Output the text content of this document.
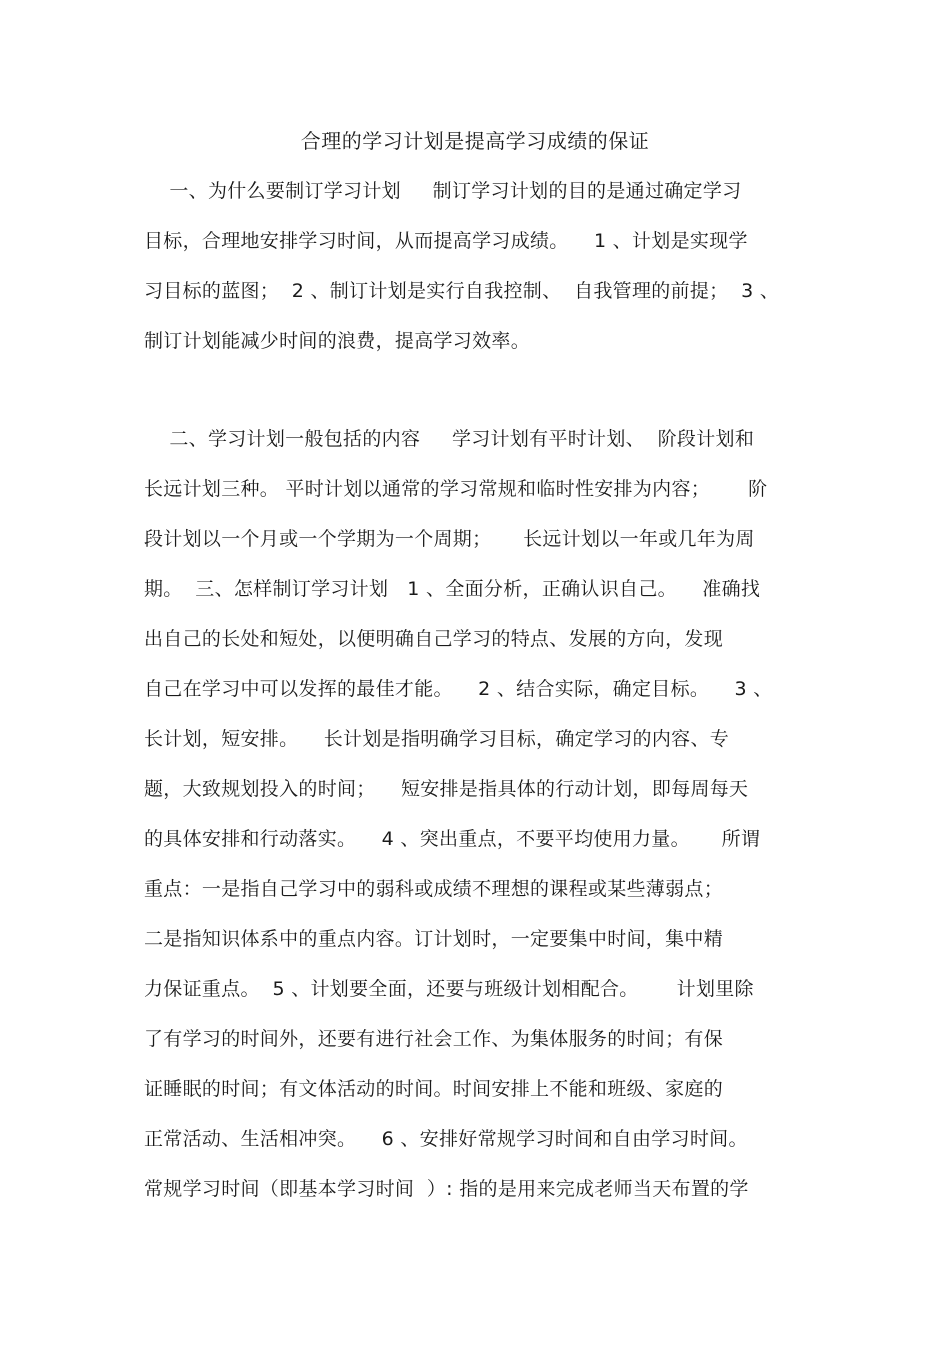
合理的学习计划是提高学习成绩的保证
一、为什么要制订学习计划     制订学习计划的目的是通过确定学习
目标，合理地安排学习时间，从而提高学习成绩。    1 、计划是实现学
习目标的蓝图；  2 、制订计划是实行自我控制、  自我管理的前提；  3 、
制订计划能减少时间的浪费，提高学习效率。
二、学习计划一般包括的内容     学习计划有平时计划、  阶段计划和
长远计划三种。 平时计划以通常的学习常规和临时性安排为内容；      阶
段计划以一个月或一个学期为一个周期；     长远计划以一年或几年为周
期。  三、怎样制订学习计划   1 、全面分析，正确认识自己。    准确找
出自己的长处和短处，以便明确自己学习的特点、发展的方向，发现
自己在学习中可以发挥的最佳才能。    2 、结合实际，确定目标。    3 、
长计划，短安排。    长计划是指明确学习目标，确定学习的内容、专
题，大致规划投入的时间；    短安排是指具体的行动计划，即每周每天
的具体安排和行动落实。    4 、突出重点，不要平均使用力量。     所谓
重点：一是指自己学习中的弱科或成绩不理想的课程或某些薄弱点；
二是指知识体系中的重点内容。订计划时，一定要集中时间，集中精
力保证重点。  5 、计划要全面，还要与班级计划相配合。      计划里除
了有学习的时间外，还要有进行社会工作、为集体服务的时间；有保
证睡眠的时间；有文体活动的时间。时间安排上不能和班级、家庭的
正常活动、生活相冲突。    6 、安排好常规学习时间和自由学习时间。
常规学习时间（即基本学习时间  ）: 指的是用来完成老师当天布置的学
